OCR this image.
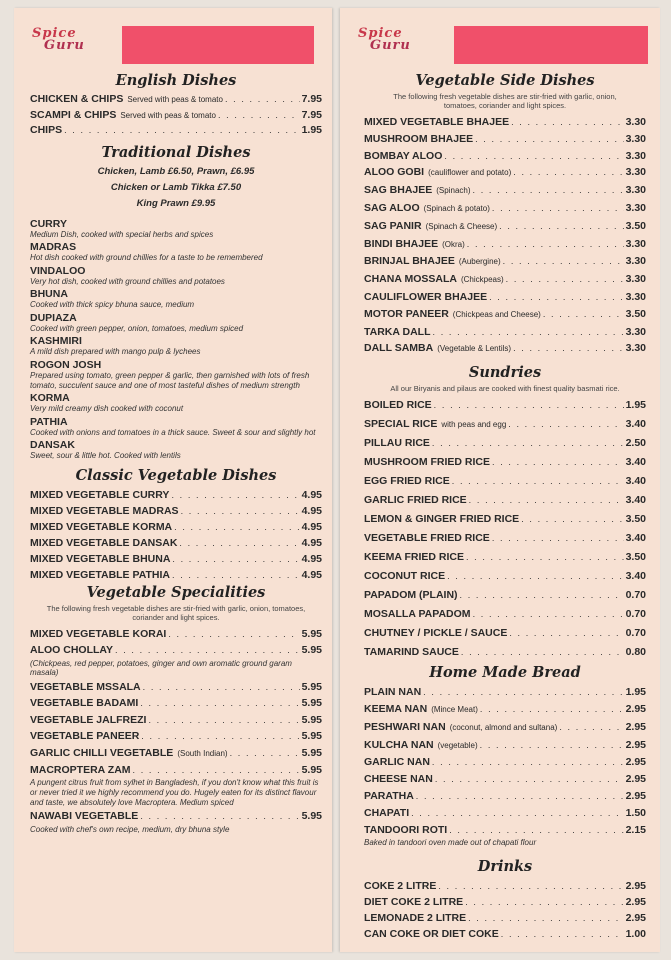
Spice
Guru
English Dishes
CHICKEN & CHIPS Served with peas & tomato . . .	7.95
SCAMPI & CHIPS Served with peas & tomato . . .	7.95
CHIPS . . .	1.95
Traditional Dishes
Chicken, Lamb £6.50, Prawn, £6.95
Chicken or Lamb Tikka £7.50
King Prawn £9.95
CURRY
Medium Dish, cooked with special herbs and spices
MADRAS
Hot dish cooked with ground chillies for a taste to be remembered
VINDALOO
Very hot dish, cooked with ground chillies and potatoes
BHUNA
Cooked with thick spicy bhuna sauce, medium
DUPIAZA
Cooked with green pepper, onion, tomatoes, medium spiced
KASHMIRI
A mild dish prepared with mango pulp & lychees
ROGON JOSH
Prepared using tomato, green pepper & garlic, then garnished with lots of fresh tomato, succulent sauce and one of most tasteful dishes of medium strength
KORMA
Very mild creamy dish cooked with coconut
PATHIA
Cooked with onions and tomatoes in a thick sauce. Sweet & sour and slightly hot
DANSAK
Sweet, sour & little hot. Cooked with lentils
Classic Vegetable Dishes
MIXED VEGETABLE CURRY . . .	4.95
MIXED VEGETABLE MADRAS . . .	4.95
MIXED VEGETABLE KORMA . . .	4.95
MIXED VEGETABLE DANSAK . . .	4.95
MIXED VEGETABLE BHUNA . . .	4.95
MIXED VEGETABLE PATHIA . . .	4.95
Vegetable Specialities
The following fresh vegetable dishes are stir-fried with garlic, onion, tomatoes, coriander and light spices.
MIXED VEGETABLE KORAI . . .	5.95
ALOO CHOLLAY . . .	5.95
(Chickpeas, red pepper, potatoes, ginger and own aromatic ground garam masala)
VEGETABLE MSSALA . . .	5.95
VEGETABLE BADAMI . . .	5.95
VEGETABLE JALFREZI . . .	5.95
VEGETABLE PANEER . . .	5.95
GARLIC CHILLI VEGETABLE (South Indian) . . .	5.95
MACROPTERA ZAM . . .	5.95
A pungent citrus fruit from sylhet in Bangladesh, if you don't know what this fruit is or never tried it we highly recommend you do. Hugely eaten for its distinct flavour and taste, we absolutely love Macroptera. Medium spiced
NAWABI VEGETABLE . . .	5.95
Cooked with chef's own recipe, medium, dry bhuna style
Spice
Guru
Vegetable Side Dishes
The following fresh vegetable dishes are stir-fried with garlic, onion, tomatoes, coriander and light spices.
MIXED VEGETABLE BHAJEE . . .	3.30
MUSHROOM BHAJEE . . .	3.30
BOMBAY ALOO . . .	3.30
ALOO GOBI (cauliflower and potato) . . .	3.30
SAG BHAJEE (Spinach) . . .	3.30
SAG ALOO (Spinach & potato) . . .	3.30
SAG PANIR (Spinach & Cheese) . . .	3.50
BINDI BHAJEE (Okra) . . .	3.30
BRINJAL BHAJEE (Aubergine) . . .	3.30
CHANA MOSSALA (Chickpeas) . . .	3.30
CAULIFLOWER BHAJEE . . .	3.30
MOTOR PANEER (Chickpeas and Cheese) . . .	3.50
TARKA DALL . . .	3.30
DALL SAMBA (Vegetable & Lentils) . . .	3.30
Sundries
All our Biryanis and pilaus are cooked with finest quality basmati rice.
BOILED RICE . . .	1.95
SPECIAL RICE with peas and egg . . .	3.40
PILLAU RICE . . .	2.50
MUSHROOM FRIED RICE . . .	3.40
EGG FRIED RICE . . .	3.40
GARLIC FRIED RICE . . .	3.40
LEMON & GINGER FRIED RICE . . .	3.50
VEGETABLE FRIED RICE . . .	3.40
KEEMA FRIED RICE . . .	3.50
COCONUT RICE . . .	3.40
PAPADOM (PLAIN) . . .	0.70
MOSALLA PAPADOM . . .	0.70
CHUTNEY / PICKLE / SAUCE . . .	0.70
TAMARIND SAUCE . . .	0.80
Home Made Bread
PLAIN NAN . . .	1.95
KEEMA NAN (Mince Meat) . . .	2.95
PESHWARI NAN (coconut, almond and sultana) . . .	2.95
KULCHA NAN (vegetable) . . .	2.95
GARLIC NAN . . .	2.95
CHEESE NAN . . .	2.95
PARATHA . . .	2.95
CHAPATI . . .	1.50
TANDOORI ROTI . . .	2.15
Baked in tandoori oven made out of chapati flour
Drinks
COKE 2 LITRE . . .	2.95
DIET COKE 2 LITRE . . .	2.95
LEMONADE 2 LITRE . . .	2.95
CAN COKE OR DIET COKE . . .	1.00
